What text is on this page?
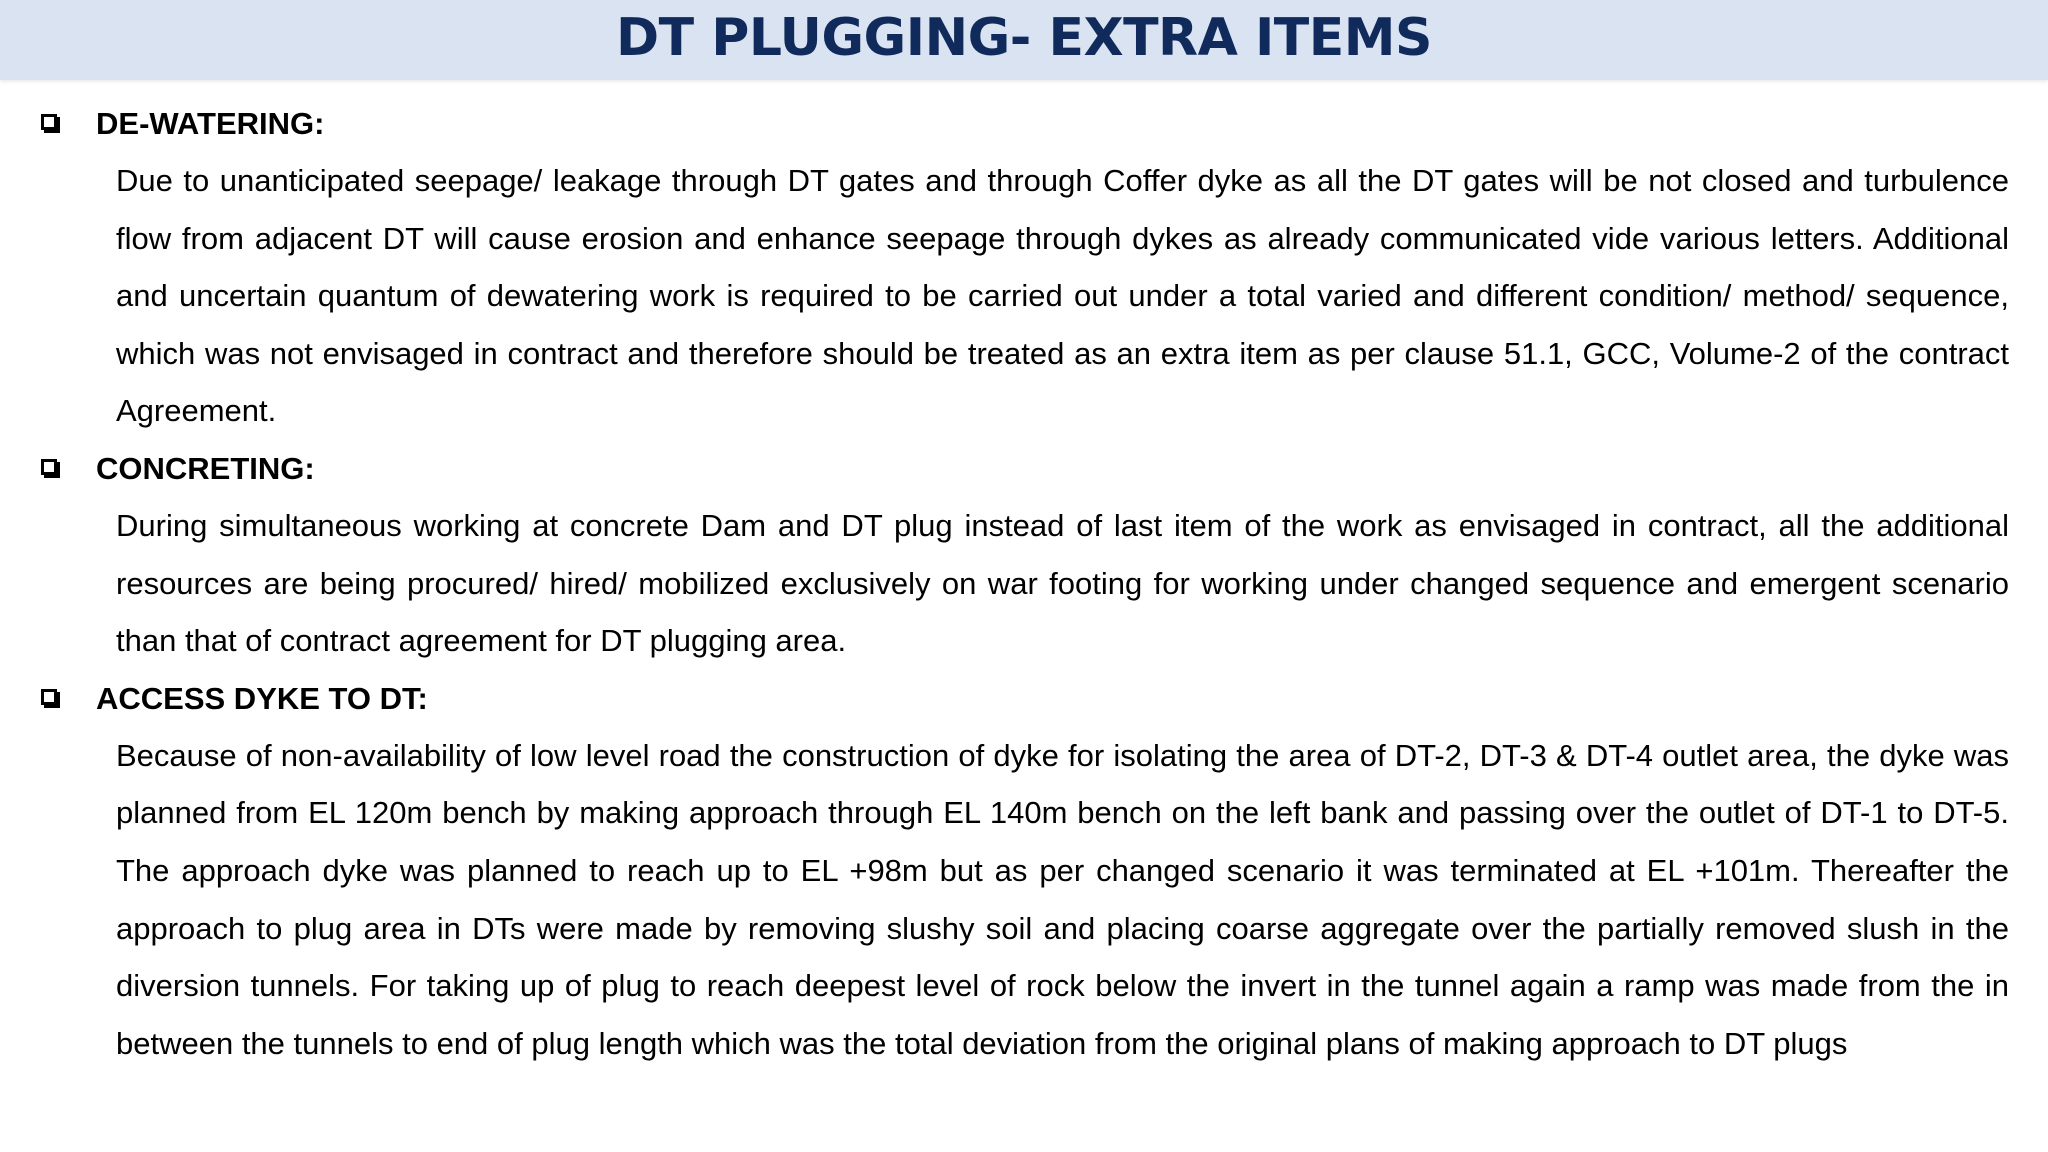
DT PLUGGING- EXTRA ITEMS
DE-WATERING:

Due to unanticipated seepage/ leakage through DT gates and through Coffer dyke as all the DT gates will be not closed and turbulence flow from adjacent DT will cause erosion and enhance seepage through dykes as already communicated vide various letters. Additional and uncertain quantum of dewatering work is required to be carried out under a total varied and different condition/ method/ sequence, which was not envisaged in contract and therefore should be treated as an extra item as per clause 51.1, GCC, Volume-2 of the contract Agreement.

CONCRETING:

During simultaneous working at concrete Dam and DT plug instead of last item of the work as envisaged in contract, all the additional resources are being procured/ hired/ mobilized exclusively on war footing for working under changed sequence and emergent scenario than that of contract agreement for DT plugging area.

ACCESS DYKE TO DT:

Because of non-availability of low level road the construction of dyke for isolating the area of DT-2, DT-3 & DT-4 outlet area, the dyke was planned from EL 120m bench by making approach through EL 140m bench on the left bank and passing over the outlet of DT-1 to DT-5. The approach dyke was planned to reach up to EL +98m but as per changed scenario it was terminated at EL +101m. Thereafter the approach to plug area in DTs were made by removing slushy soil and placing coarse aggregate over the partially removed slush in the diversion tunnels. For taking up of plug to reach deepest level of rock below the invert in the tunnel again a ramp was made from the in between the tunnels to end of plug length which was the total deviation from the original plans of making approach to DT plugs
